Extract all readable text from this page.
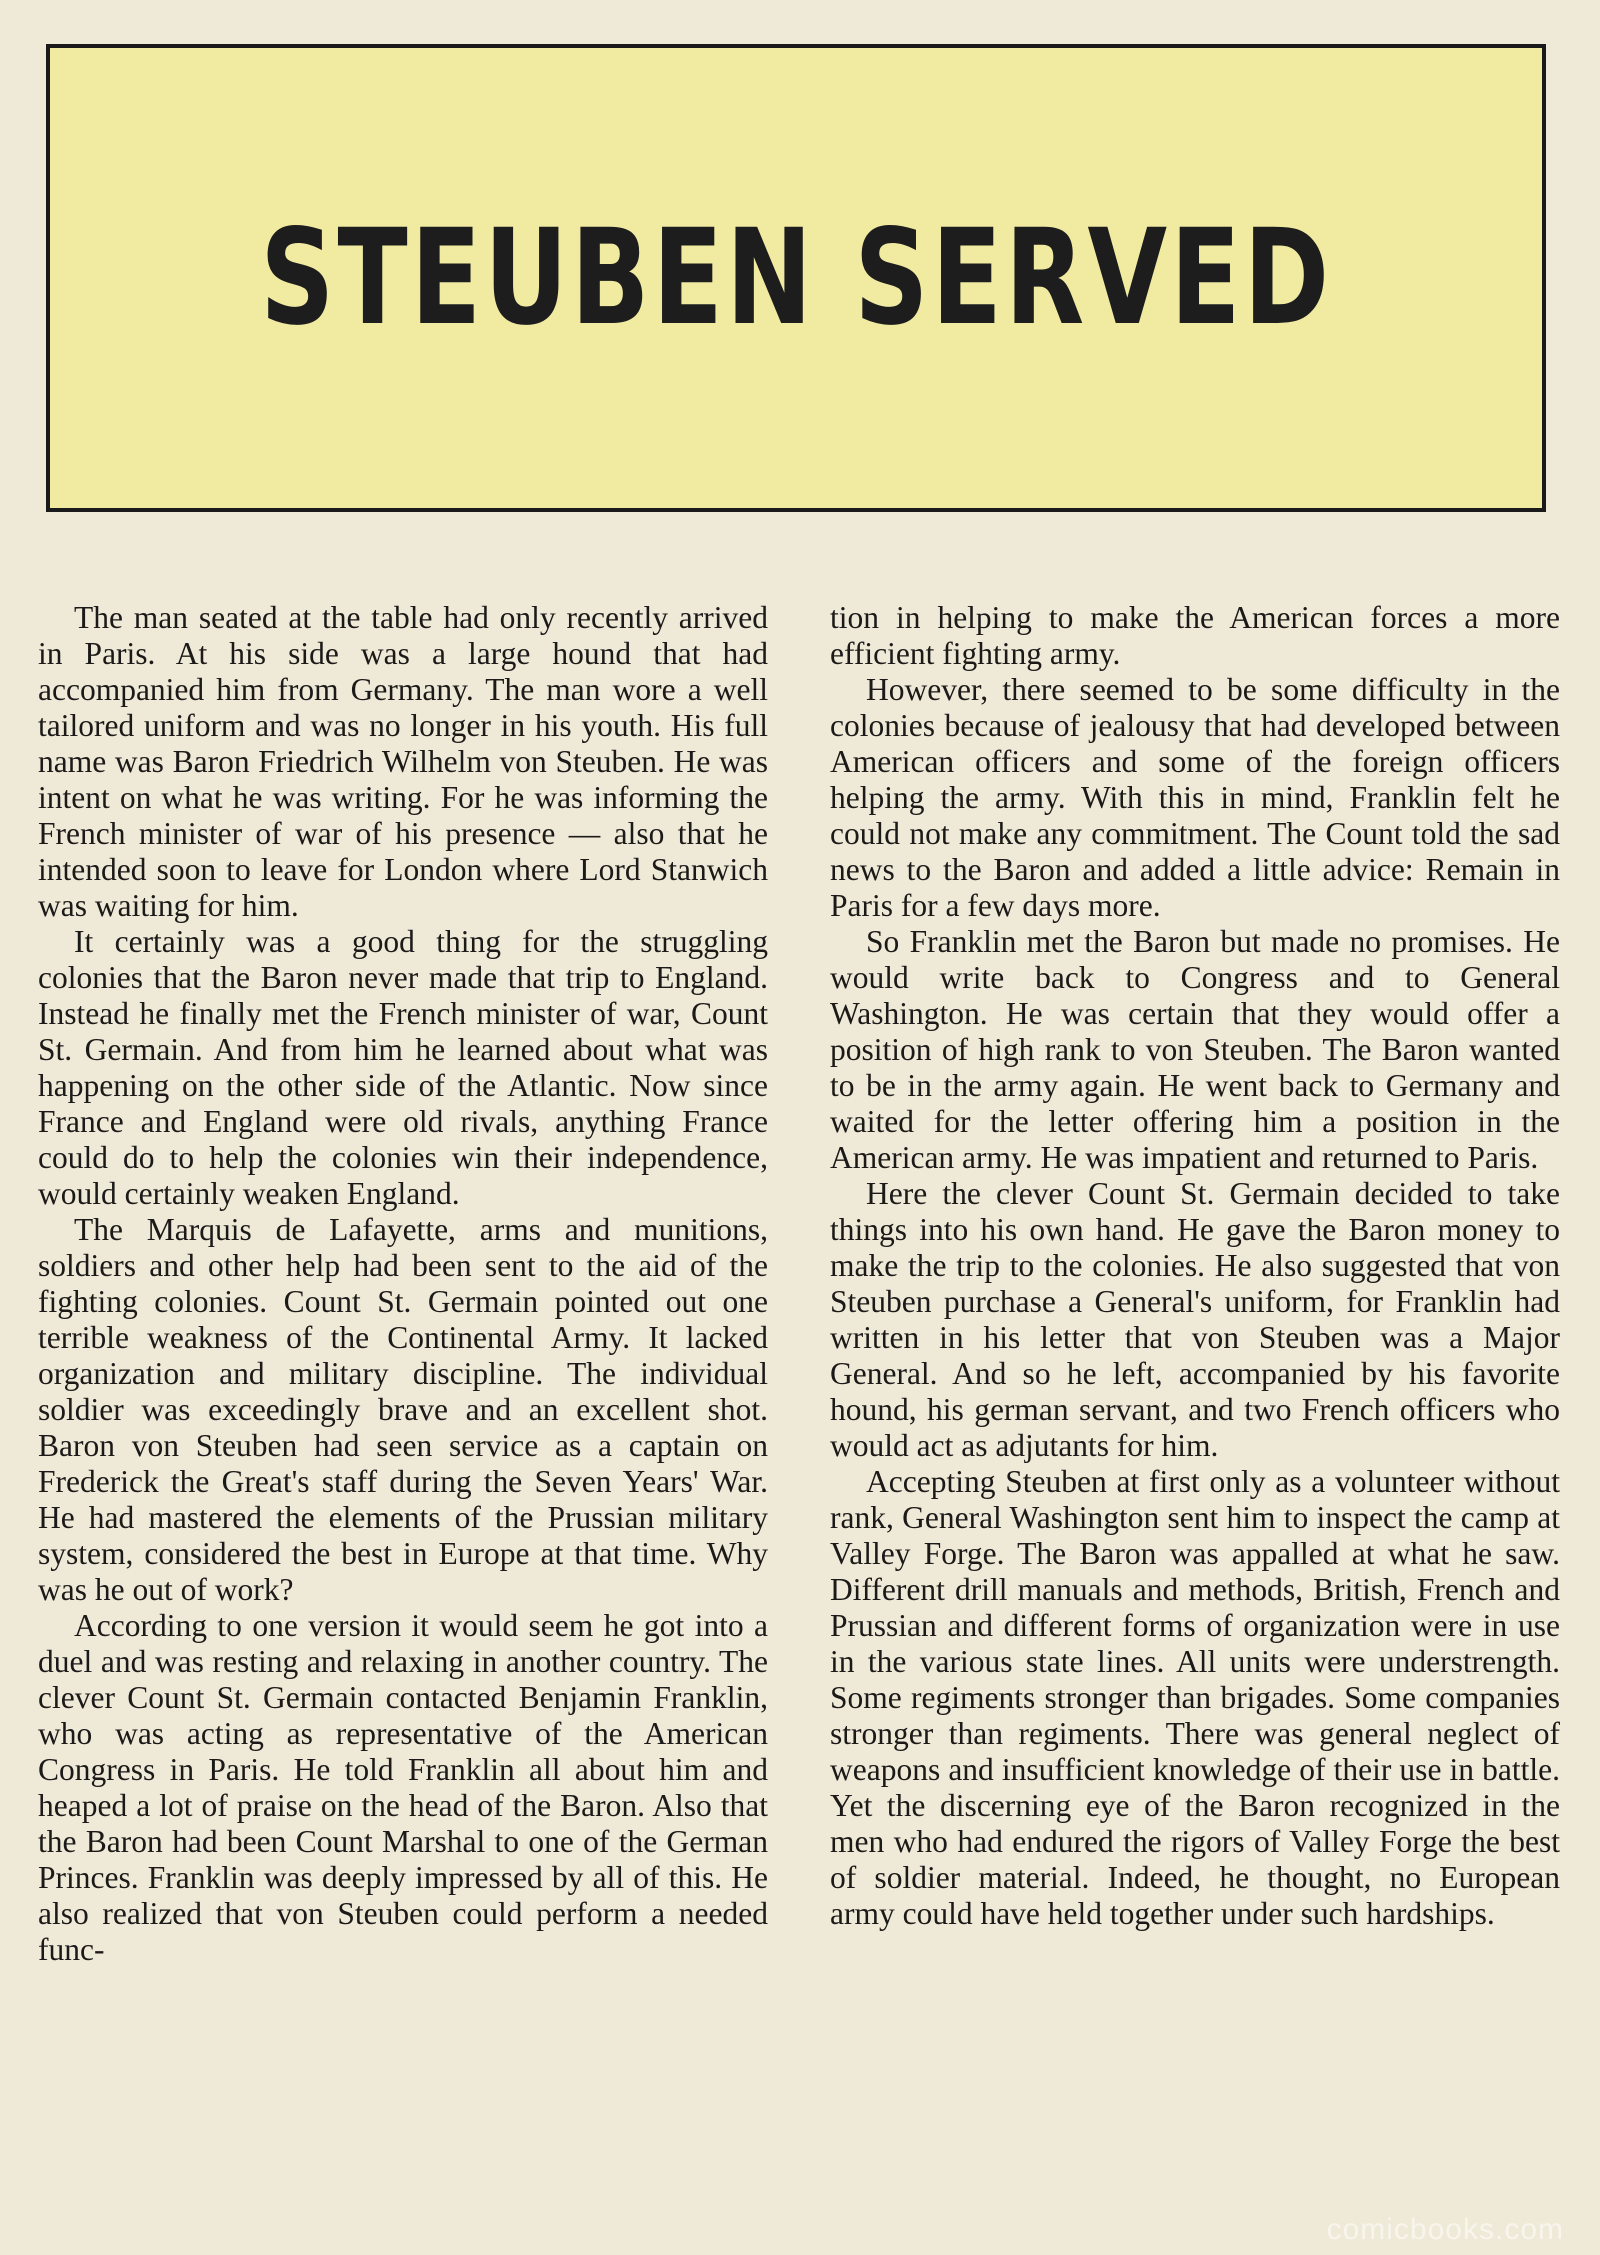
STEUBEN SERVED

The man seated at the table had only recently arrived in Paris. At his side was a large hound that had accompanied him from Germany. The man wore a well tailored uniform and was no longer in his youth. His full name was Baron Friedrich Wilhelm von Steuben. He was intent on what he was writing. For he was informing the French minister of war of his presence — also that he intended soon to leave for London where Lord Stanwich was waiting for him.

It certainly was a good thing for the struggling colonies that the Baron never made that trip to England. Instead he finally met the French minister of war, Count St. Germain. And from him he learned about what was happening on the other side of the Atlantic. Now since France and England were old rivals, anything France could do to help the colonies win their independence, would certainly weaken England.

The Marquis de Lafayette, arms and munitions, soldiers and other help had been sent to the aid of the fighting colonies. Count St. Germain pointed out one terrible weakness of the Continental Army. It lacked organization and military discipline. The individual soldier was exceedingly brave and an excellent shot. Baron von Steuben had seen service as a captain on Frederick the Great's staff during the Seven Years' War. He had mastered the elements of the Prussian military system, considered the best in Europe at that time. Why was he out of work?

According to one version it would seem he got into a duel and was resting and relaxing in another country. The clever Count St. Germain contacted Benjamin Franklin, who was acting as representative of the American Congress in Paris. He told Franklin all about him and heaped a lot of praise on the head of the Baron. Also that the Baron had been Count Marshal to one of the German Princes. Franklin was deeply impressed by all of this. He also realized that von Steuben could perform a needed func-

tion in helping to make the American forces a more efficient fighting army.

However, there seemed to be some difficulty in the colonies because of jealousy that had developed between American officers and some of the foreign officers helping the army. With this in mind, Franklin felt he could not make any commitment. The Count told the sad news to the Baron and added a little advice: Remain in Paris for a few days more.

So Franklin met the Baron but made no promises. He would write back to Congress and to General Washington. He was certain that they would offer a position of high rank to von Steuben. The Baron wanted to be in the army again. He went back to Germany and waited for the letter offering him a position in the American army. He was impatient and returned to Paris.

Here the clever Count St. Germain decided to take things into his own hand. He gave the Baron money to make the trip to the colonies. He also suggested that von Steuben purchase a General's uniform, for Franklin had written in his letter that von Steuben was a Major General. And so he left, accompanied by his favorite hound, his german servant, and two French officers who would act as adjutants for him.

Accepting Steuben at first only as a volunteer without rank, General Washington sent him to inspect the camp at Valley Forge. The Baron was appalled at what he saw. Different drill manuals and methods, British, French and Prussian and different forms of organization were in use in the various state lines. All units were understrength. Some regiments stronger than brigades. Some companies stronger than regiments. There was general neglect of weapons and insufficient knowledge of their use in battle. Yet the discerning eye of the Baron recognized in the men who had endured the rigors of Valley Forge the best of soldier material. Indeed, he thought, no European army could have held together under such hardships.

comicbooks.com
